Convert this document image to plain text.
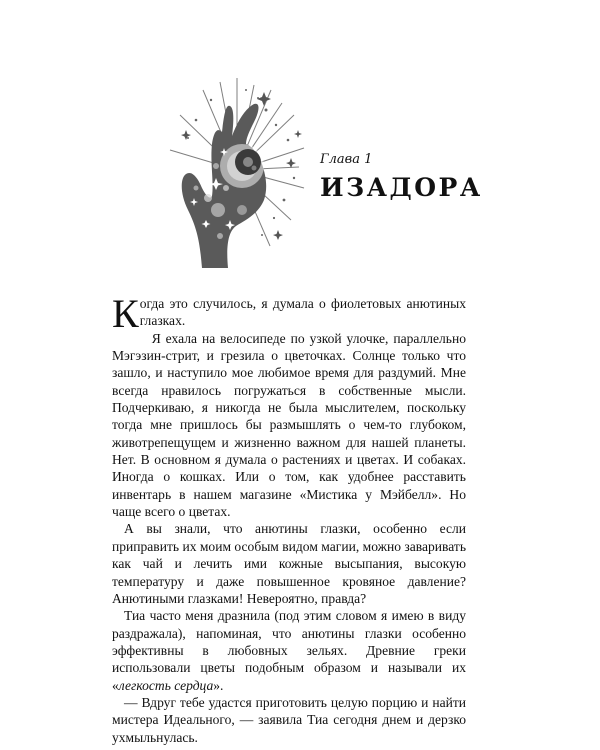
Глава 1
ИЗАДОРА

Когда это случилось, я думала о фиолетовых анютиных глазках.

Я ехала на велосипеде по узкой улочке, параллельно Мэгэзин-стрит, и грезила о цветочках. Солнце только что зашло, и наступило мое любимое время для раздумий. Мне всегда нравилось погружаться в собственные мысли. Подчеркиваю, я никогда не была мыслителем, поскольку тогда мне пришлось бы размышлять о чем-то глубоком, животрепещущем и жизненно важном для нашей планеты. Нет. В основном я думала о растениях и цветах. И собаках. Иногда о кошках. Или о том, как удобнее расставить инвентарь в нашем магазине «Мистика у Мэйбелл». Но чаще всего о цветах.

А вы знали, что анютины глазки, особенно если приправить их моим особым видом магии, можно заваривать как чай и лечить ими кожные высыпания, высокую температуру и даже повышенное кровяное давление? Анютиными глазками! Невероятно, правда?

Тиа часто меня дразнила (под этим словом я имею в виду раздражала), напоминая, что анютины глазки особенно эффективны в любовных зельях. Древние греки использовали цветы подобным образом и называли их «легкость сердца».

— Вдруг тебе удастся приготовить целую порцию и найти мистера Идеального, — заявила Тиа сегодня днем и дерзко ухмыльнулась.
